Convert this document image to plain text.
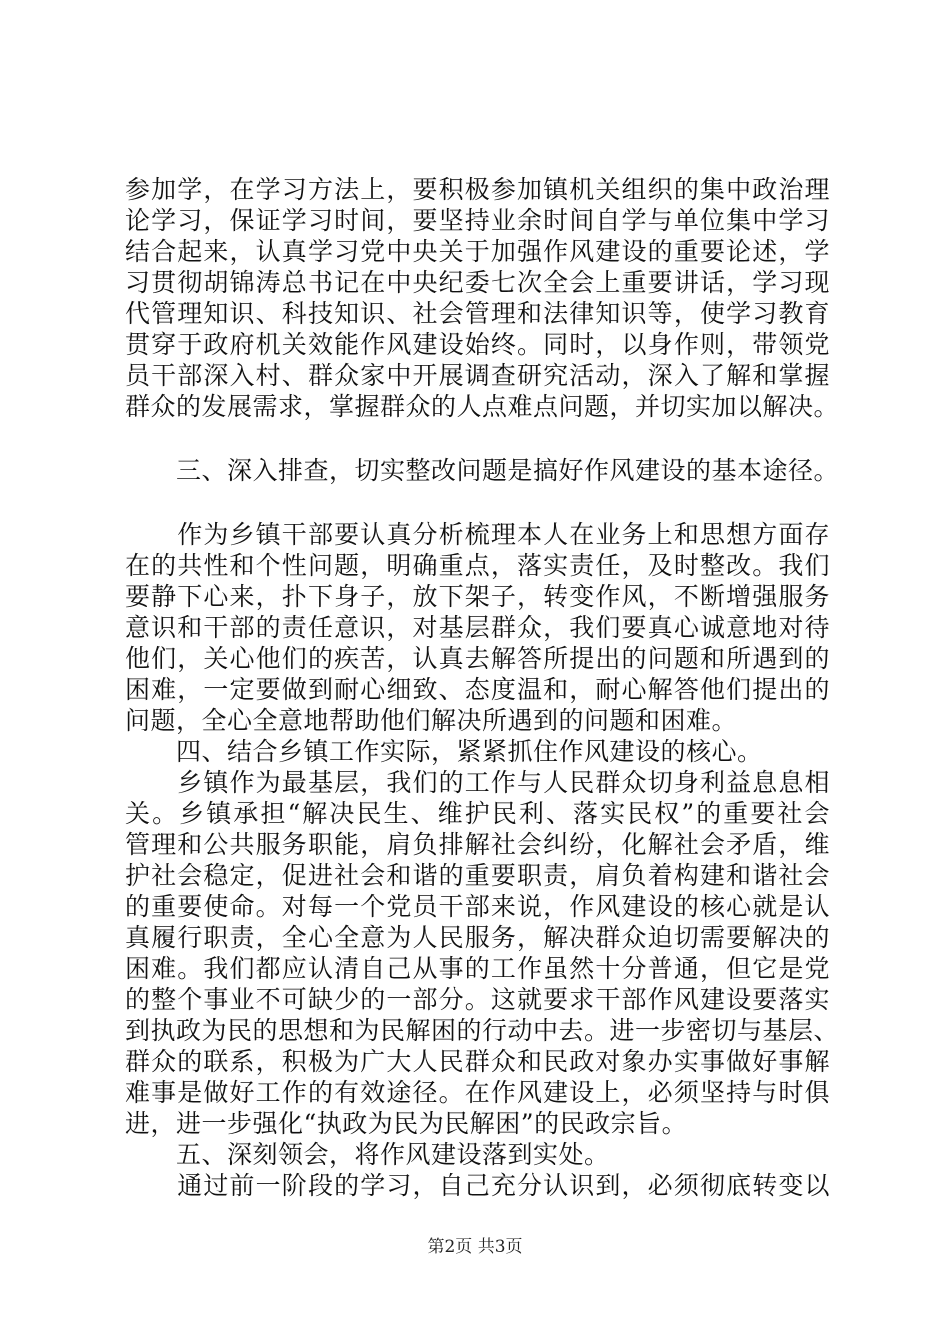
参加学，在学习方法上，要积极参加镇机关组织的集中政治理
论学习，保证学习时间，要坚持业余时间自学与单位集中学习
结合起来，认真学习党中央关于加强作风建设的重要论述，学
习贯彻胡锦涛总书记在中央纪委七次全会上重要讲话，学习现
代管理知识、科技知识、社会管理和法律知识等，使学习教育
贯穿于政府机关效能作风建设始终。同时，以身作则，带领党
员干部深入村、群众家中开展调查研究活动，深入了解和掌握
群众的发展需求，掌握群众的人点难点问题，并切实加以解决。
　　三、深入排查，切实整改问题是搞好作风建设的基本途径。
　　作为乡镇干部要认真分析梳理本人在业务上和思想方面存
在的共性和个性问题，明确重点，落实责任，及时整改。我们
要静下心来，扑下身子，放下架子，转变作风，不断增强服务
意识和干部的责任意识，对基层群众，我们要真心诚意地对待
他们，关心他们的疾苦，认真去解答所提出的问题和所遇到的
困难，一定要做到耐心细致、态度温和，耐心解答他们提出的
问题，全心全意地帮助他们解决所遇到的问题和困难。
　　四、结合乡镇工作实际，紧紧抓住作风建设的核心。
　　乡镇作为最基层，我们的工作与人民群众切身利益息息相
关。乡镇承担“解决民生、维护民利、落实民权”的重要社会
管理和公共服务职能，肩负排解社会纠纷，化解社会矛盾，维
护社会稳定，促进社会和谐的重要职责，肩负着构建和谐社会
的重要使命。对每一个党员干部来说，作风建设的核心就是认
真履行职责，全心全意为人民服务，解决群众迫切需要解决的
困难。我们都应认清自己从事的工作虽然十分普通，但它是党
的整个事业不可缺少的一部分。这就要求干部作风建设要落实
到执政为民的思想和为民解困的行动中去。进一步密切与基层、
群众的联系，积极为广大人民群众和民政对象办实事做好事解
难事是做好工作的有效途径。在作风建设上，必须坚持与时俱
进，进一步强化“执政为民为民解困”的民政宗旨。
　　五、深刻领会，将作风建设落到实处。
　　通过前一阶段的学习，自己充分认识到，必须彻底转变以
第2页 共3页
